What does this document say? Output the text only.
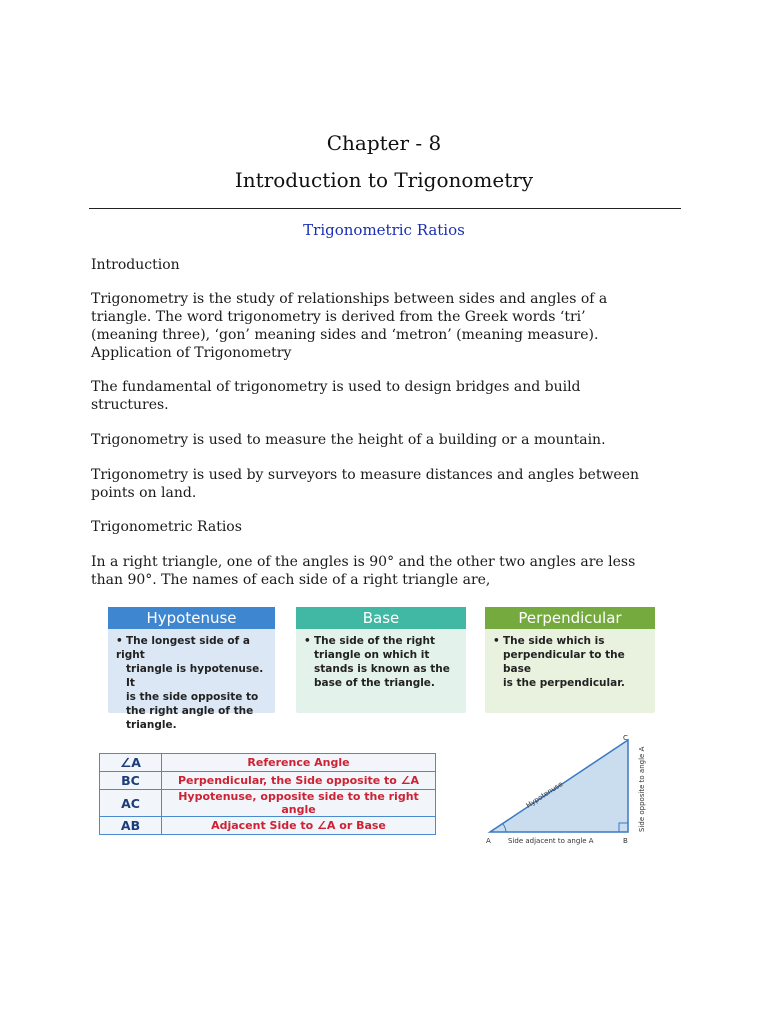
Chapter - 8
Introduction to Trigonometry
Trigonometric Ratios

Introduction

Trigonometry is the study of relationships between sides and angles of a
triangle. The word trigonometry is derived from the Greek words ‘tri’
(meaning three), ‘gon’ meaning sides and ‘metron’ (meaning measure).
Application of Trigonometry
The fundamental of trigonometry is used to design bridges and build
structures.

Trigonometry is used to measure the height of a building or a mountain.

Trigonometry is used by surveyors to measure distances and angles between
points on land.

Trigonometric Ratios

In a right triangle, one of the angles is 90° and the other two angles are less
than 90°. The names of each side of a right triangle are,
Hypotenuse
• The longest side of a right
triangle is hypotenuse. It
is the side opposite to
the right angle of the
triangle.
Base
• The side of the right
triangle on which it
stands is known as the
base of the triangle.
Perpendicular
• The side which is
perpendicular to the base
is the perpendicular.
∠A	Reference Angle
BC	Perpendicular, the Side opposite to ∠A
AC	Hypotenuse, opposite side to the right angle
AB	Adjacent Side to ∠A or Base
A	B
C
Hypotenuse	Side opposite to angle A
Side adjacent to angle A
